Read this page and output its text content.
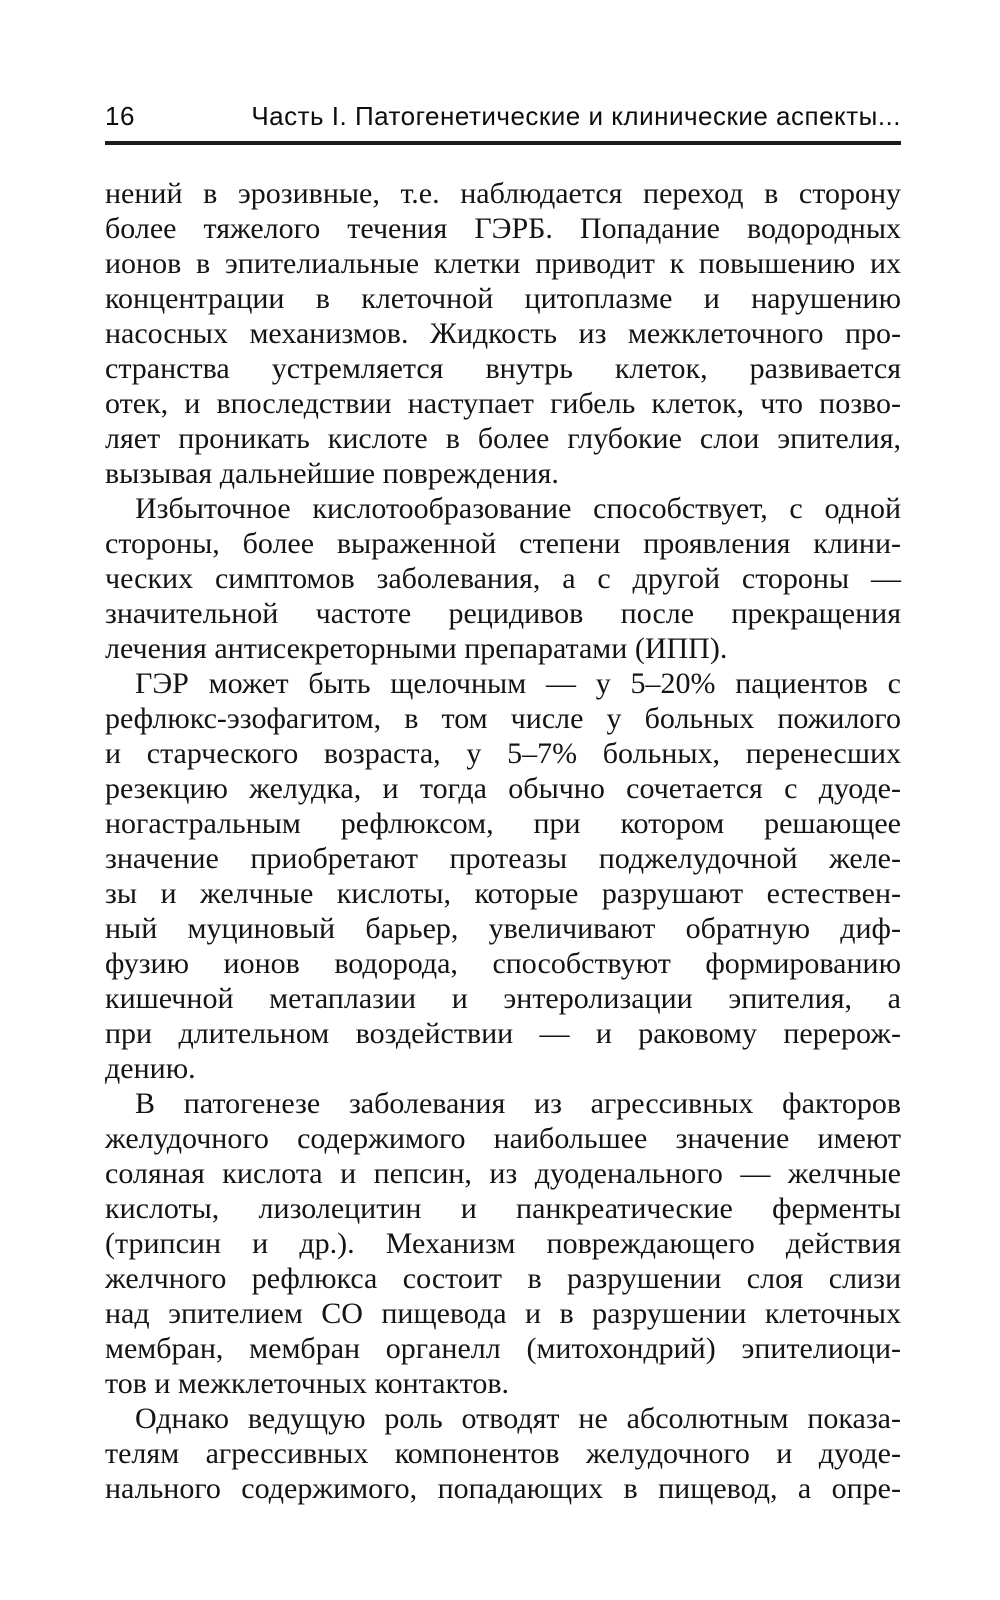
16	Часть I. Патогенетические и клинические аспекты...
нений в эрозивные, т.е. наблюдается переход в сторону
более тяжелого течения ГЭРБ. Попадание водородных
ионов в эпителиальные клетки приводит к повышению их
концентрации в клеточной цитоплазме и нарушению
насосных механизмов. Жидкость из межклеточного про-
странства устремляется внутрь клеток, развивается
отек, и впоследствии наступает гибель клеток, что позво-
ляет проникать кислоте в более глубокие слои эпителия,
вызывая дальнейшие повреждения.
Избыточное кислотообразование способствует, с одной
стороны, более выраженной степени проявления клини-
ческих симптомов заболевания, а с другой стороны —
значительной частоте рецидивов после прекращения
лечения антисекреторными препаратами (ИПП).
ГЭР может быть щелочным — у 5–20% пациентов с
рефлюкс-эзофагитом, в том числе у больных пожилого
и старческого возраста, у 5–7% больных, перенесших
резекцию желудка, и тогда обычно сочетается с дуоде-
ногастральным рефлюксом, при котором решающее
значение приобретают протеазы поджелудочной желе-
зы и желчные кислоты, которые разрушают естествен-
ный муциновый барьер, увеличивают обратную диф-
фузию ионов водорода, способствуют формированию
кишечной метаплазии и энтеролизации эпителия, а
при длительном воздействии — и раковому перерож-
дению.
В патогенезе заболевания из агрессивных факторов
желудочного содержимого наибольшее значение имеют
соляная кислота и пепсин, из дуоденального — желчные
кислоты, лизолецитин и панкреатические ферменты
(трипсин и др.). Механизм повреждающего действия
желчного рефлюкса состоит в разрушении слоя слизи
над эпителием СО пищевода и в разрушении клеточных
мембран, мембран органелл (митохондрий) эпителиоци-
тов и межклеточных контактов.
Однако ведущую роль отводят не абсолютным показа-
телям агрессивных компонентов желудочного и дуоде-
нального содержимого, попадающих в пищевод, а опре-
